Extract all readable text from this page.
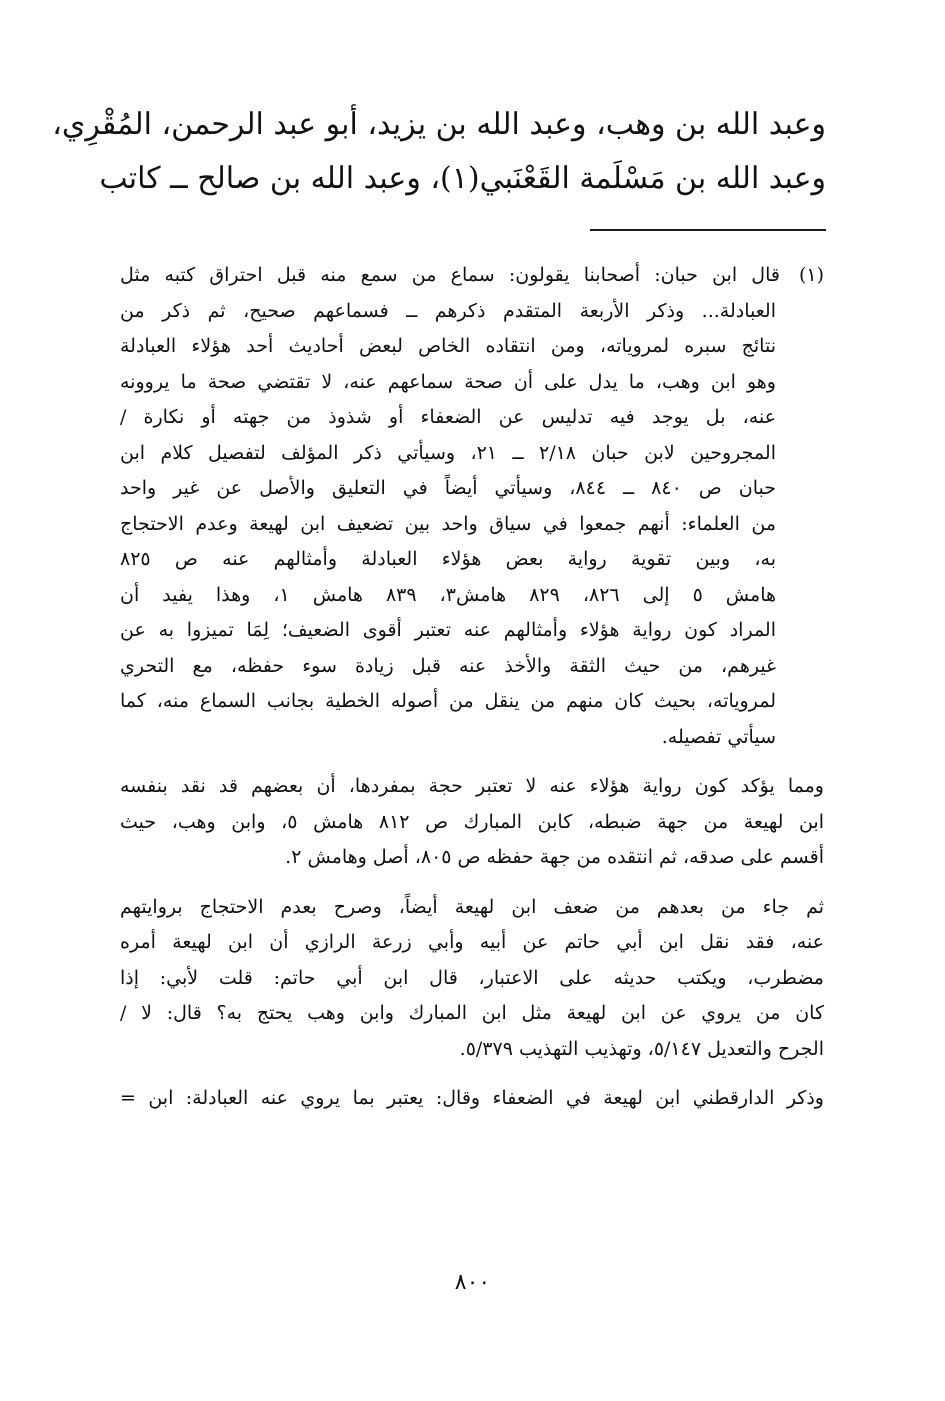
وعبد الله بن وهب، وعبد الله بن يزيد، أبو عبد الرحمن، المُقْرِي،
وعبد الله بن مَسْلَمة القَعْنَبي(١)، وعبد الله بن صالح ــ كاتب
(١)قال ابن حبان: أصحابنا يقولون: سماع من سمع منه قبل احتراق كتبه مثل
العبادلة... وذكر الأربعة المتقدم ذكرهم ــ فسماعهم صحيح، ثم ذكر من
نتائج سبره لمروياته، ومن انتقاده الخاص لبعض أحاديث أحد هؤلاء العبادلة
وهو ابن وهب، ما يدل على أن صحة سماعهم عنه، لا تقتضي صحة ما يروونه
عنه، بل يوجد فيه تدليس عن الضعفاء أو شذوذ من جهته أو نكارة /
المجروحين لابن حبان ٢/١٨ ــ ٢١، وسيأتي ذكر المؤلف لتفصيل كلام ابن
حبان ص ٨٤٠ ــ ٨٤٤، وسيأتي أيضاً في التعليق والأصل عن غير واحد
من العلماء: أنهم جمعوا في سياق واحد بين تضعيف ابن لهيعة وعدم الاحتجاج
به، وبين تقوية رواية بعض هؤلاء العبادلة وأمثالهم عنه ص ٨٢٥
هامش ٥ إلى ٨٢٦، ٨٢٩ هامش٣، ٨٣٩ هامش ١، وهذا يفيد أن
المراد كون رواية هؤلاء وأمثالهم عنه تعتبر أقوى الضعيف؛ لِمَا تميزوا به عن
غيرهم، من حيث الثقة والأخذ عنه قبل زيادة سوء حفظه، مع التحري
لمروياته، بحيث كان منهم من ينقل من أصوله الخطية بجانب السماع منه، كما
سيأتي تفصيله.
ومما يؤكد كون رواية هؤلاء عنه لا تعتبر حجة بمفردها، أن بعضهم قد نقد بنفسه
ابن لهيعة من جهة ضبطه، كابن المبارك ص ٨١٢ هامش ٥، وابن وهب، حيث
أقسم على صدقه، ثم انتقده من جهة حفظه ص ٨٠٥، أصل وهامش ٢.
ثم جاء من بعدهم من ضعف ابن لهيعة أيضاً، وصرح بعدم الاحتجاج بروايتهم
عنه، فقد نقل ابن أبي حاتم عن أبيه وأبي زرعة الرازي أن ابن لهيعة أمره
مضطرب، ويكتب حديثه على الاعتبار، قال ابن أبي حاتم: قلت لأبي: إذا
كان من يروي عن ابن لهيعة مثل ابن المبارك وابن وهب يحتج به؟ قال: لا /
الجرح والتعديل ٥/١٤٧، وتهذيب التهذيب ٥/٣٧٩.
وذكر الدارقطني ابن لهيعة في الضعفاء وقال: يعتبر بما يروي عنه العبادلة: ابن =
٨٠٠
